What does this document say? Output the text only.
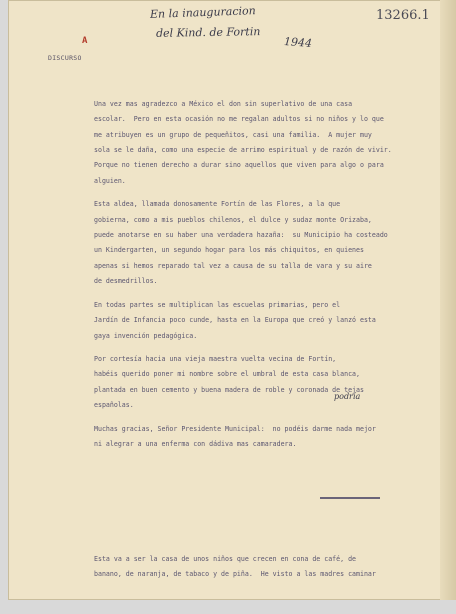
En la inauguracion
del Kind. de Fortin
1944
13266.1
A
DISCURSO

Una vez mas agradezco a México el don sin superlativo de una casa
escolar.  Pero en esta ocasión no me regalan adultos si no niños y lo que
me atribuyen es un grupo de pequeñitos, casi una familia.  A mujer muy
sola se le daña, como una especie de arrimo espiritual y de razón de vivir.
Porque no tienen derecho a durar sino aquellos que viven para algo o para
alguien.
Esta aldea, llamada donosamente Fortín de las Flores, a la que
gobierna, como a mis pueblos chilenos, el dulce y sudaz monte Orizaba,
puede anotarse en su haber una verdadera hazaña:  su Municipio ha costeado
un Kindergarten, un segundo hogar para los más chiquitos, en quienes
apenas si hemos reparado tal vez a causa de su talla de vara y su aire
de desmedrillos.
En todas partes se multiplican las escuelas primarias, pero el
Jardín de Infancia poco cunde, hasta en la Europa que creó y lanzó esta
gaya invención pedagógica.
Por cortesía hacia una vieja maestra vuelta vecina de Fortín,
habéis querido poner mi nombre sobre el umbral de esta casa blanca,
plantada en buen cemento y buena madera de roble y coronada de tejas
españolas.
Muchas gracias, Señor Presidente Municipal:  no podéis darme nada mejor
ni alegrar a una enferma con dádiva mas camaradera.

Esta va a ser la casa de unos niños que crecen en cona de café, de
banano, de naranja, de tabaco y de piña.  He visto a las madres caminar

podría
